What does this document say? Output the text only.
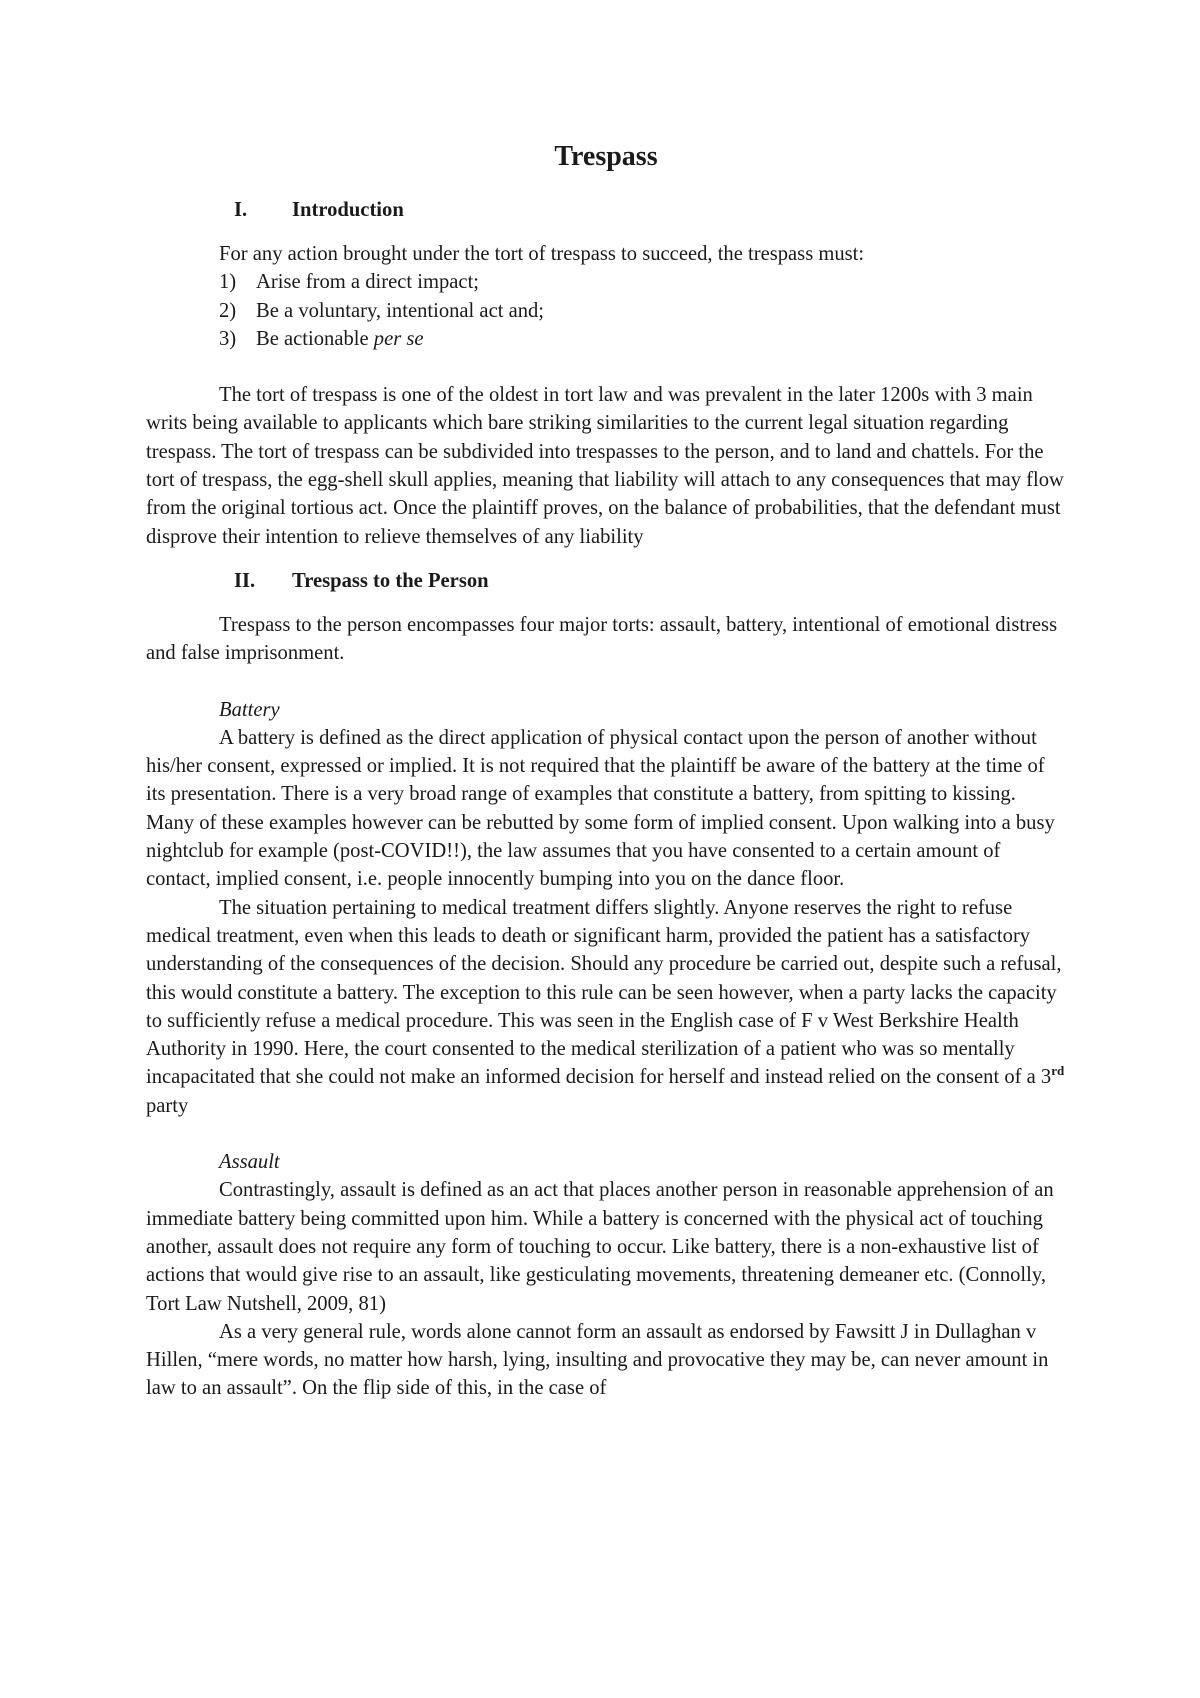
Trespass
I. Introduction

For any action brought under the tort of trespass to succeed, the trespass must:

1) Arise from a direct impact;
2) Be a voluntary, intentional act and;
3) Be actionable per se

The tort of trespass is one of the oldest in tort law and was prevalent in the later 1200s with 3 main writs being available to applicants which bare striking similarities to the current legal situation regarding trespass. The tort of trespass can be subdivided into trespasses to the person, and to land and chattels. For the tort of trespass, the egg-shell skull applies, meaning that liability will attach to any consequences that may flow from the original tortious act. Once the plaintiff proves, on the balance of probabilities, that the defendant must disprove their intention to relieve themselves of any liability

II. Trespass to the Person

Trespass to the person encompasses four major torts: assault, battery, intentional of emotional distress and false imprisonment.

Battery

A battery is defined as the direct application of physical contact upon the person of another without his/her consent, expressed or implied. It is not required that the plaintiff be aware of the battery at the time of its presentation. There is a very broad range of examples that constitute a battery, from spitting to kissing. Many of these examples however can be rebutted by some form of implied consent. Upon walking into a busy nightclub for example (post-COVID!!), the law assumes that you have consented to a certain amount of contact, implied consent, i.e. people innocently bumping into you on the dance floor.

The situation pertaining to medical treatment differs slightly. Anyone reserves the right to refuse medical treatment, even when this leads to death or significant harm, provided the patient has a satisfactory understanding of the consequences of the decision. Should any procedure be carried out, despite such a refusal, this would constitute a battery. The exception to this rule can be seen however, when a party lacks the capacity to sufficiently refuse a medical procedure. This was seen in the English case of F v West Berkshire Health Authority in 1990. Here, the court consented to the medical sterilization of a patient who was so mentally incapacitated that she could not make an informed decision for herself and instead relied on the consent of a 3rd party

Assault

Contrastingly, assault is defined as an act that places another person in reasonable apprehension of an immediate battery being committed upon him. While a battery is concerned with the physical act of touching another, assault does not require any form of touching to occur. Like battery, there is a non-exhaustive list of actions that would give rise to an assault, like gesticulating movements, threatening demeaner etc. (Connolly, Tort Law Nutshell, 2009, 81)

As a very general rule, words alone cannot form an assault as endorsed by Fawsitt J in Dullaghan v Hillen, “mere words, no matter how harsh, lying, insulting and provocative they may be, can never amount in law to an assault”. On the flip side of this, in the case of
